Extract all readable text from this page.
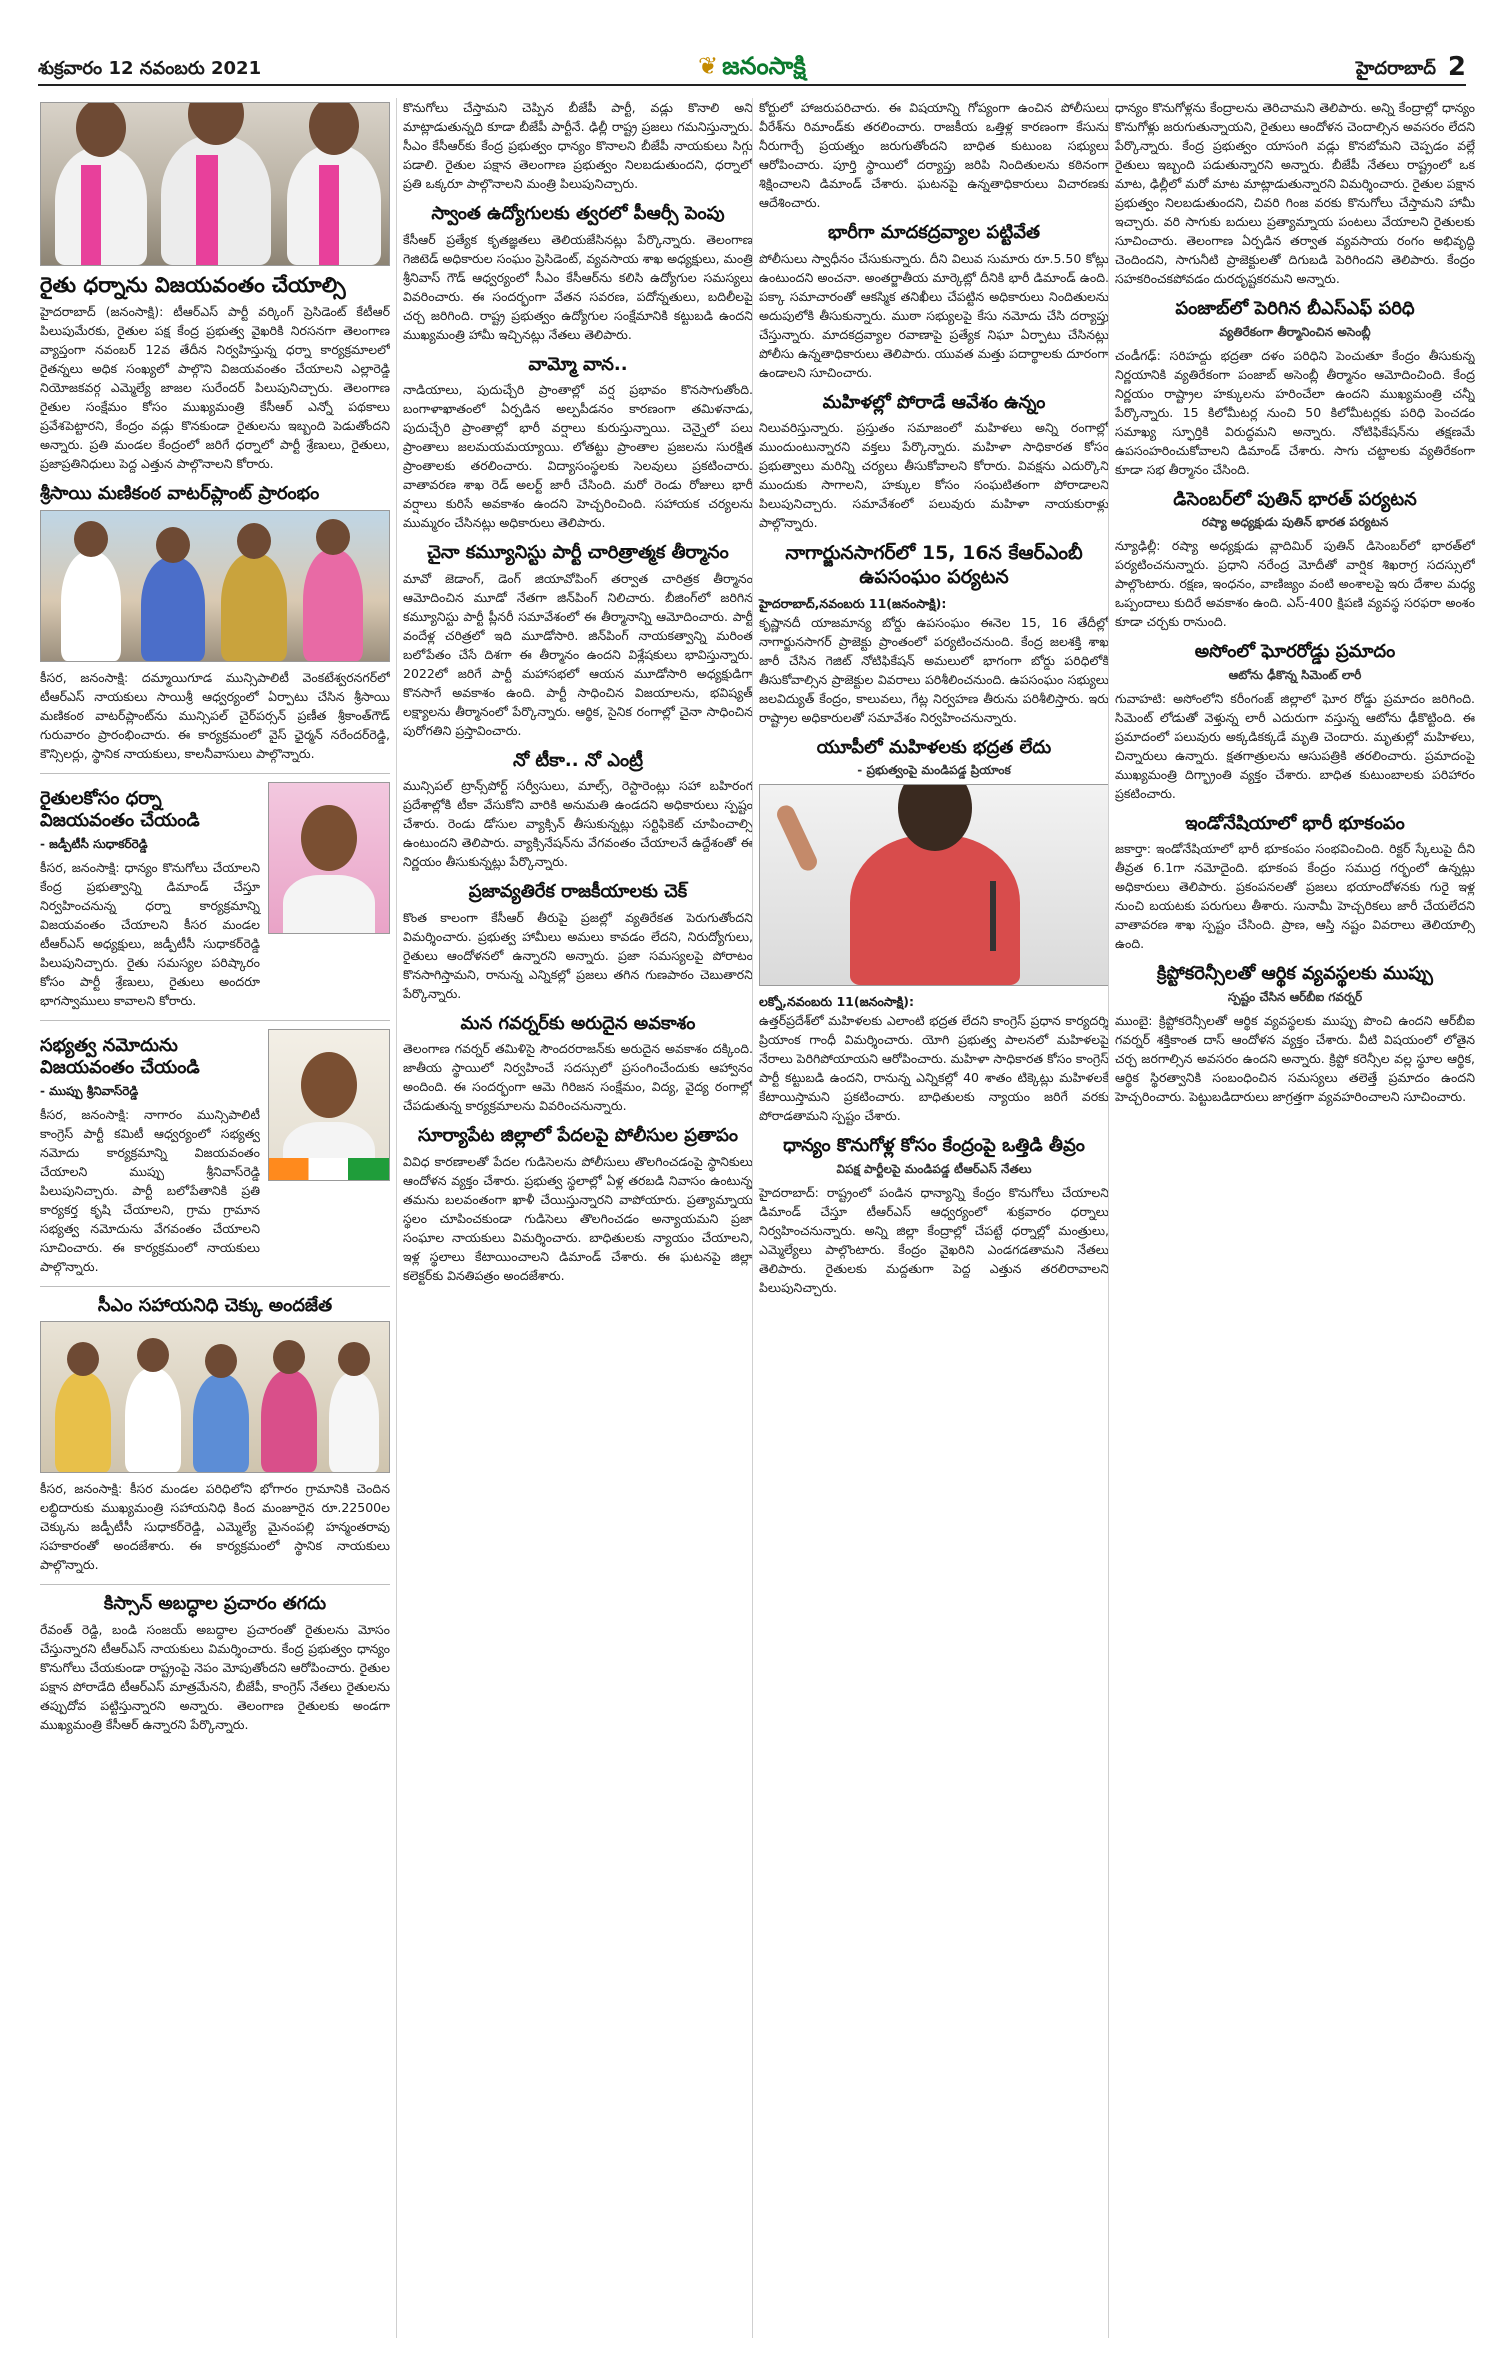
శుక్రవారం 12 నవంబరు 2021	❦ జనంసాక్షి	హైదరాబాద్ 2
రైతు ధర్నాను విజయవంతం చేయాల్సి

హైదరాబాద్ (జనంసాక్షి): టీఆర్ఎస్ పార్టీ వర్కింగ్ ప్రెసిడెంట్ కేటీఆర్ పిలుపుమేరకు, రైతుల పక్ష కేంద్ర ప్రభుత్వ వైఖరికి నిరసనగా తెలంగాణ వ్యాప్తంగా నవంబర్ 12వ తేదీన నిర్వహిస్తున్న ధర్నా కార్యక్రమాలలో రైతన్నలు అధిక సంఖ్యలో పాల్గొని విజయవంతం చేయాలని ఎల్లారెడ్డి నియోజకవర్గ ఎమ్మెల్యే జాజల సురేందర్ పిలుపునిచ్చారు. తెలంగాణ రైతుల సంక్షేమం కోసం ముఖ్యమంత్రి కేసీఆర్ ఎన్నో పథకాలు ప్రవేశపెట్టారని, కేంద్రం వడ్లు కొనకుండా రైతులను ఇబ్బంది పెడుతోందని అన్నారు. ప్రతి మండల కేంద్రంలో జరిగే ధర్నాలో పార్టీ శ్రేణులు, రైతులు, ప్రజాప్రతినిధులు పెద్ద ఎత్తున పాల్గొనాలని కోరారు.

శ్రీసాయి మణికంఠ వాటర్‌ప్లాంట్ ప్రారంభం

కీసర, జనంసాక్షి: దమ్మాయిగూడ మున్సిపాలిటీ వెంకటేశ్వరనగర్‌లో టీఆర్ఎస్ నాయకులు సాయిశ్రీ ఆధ్వర్యంలో ఏర్పాటు చేసిన శ్రీసాయి మణికంఠ వాటర్‌ప్లాంట్‌ను మున్సిపల్ చైర్‌పర్సన్ ప్రణీత శ్రీకాంత్‌గౌడ్ గురువారం ప్రారంభించారు. ఈ కార్యక్రమంలో వైస్ ఛైర్మన్ నరేందర్‌రెడ్డి, కౌన్సిలర్లు, స్థానిక నాయకులు, కాలనీవాసులు పాల్గొన్నారు.

రైతులకోసం ధర్నా విజయవంతం చేయండి
- జడ్పీటీసీ సుధాకర్‌రెడ్డి

కీసర, జనంసాక్షి: ధాన్యం కొనుగోలు చేయాలని కేంద్ర ప్రభుత్వాన్ని డిమాండ్ చేస్తూ నిర్వహించనున్న ధర్నా కార్యక్రమాన్ని విజయవంతం చేయాలని కీసర మండల టీఆర్ఎస్ అధ్యక్షులు, జడ్పీటీసీ సుధాకర్‌రెడ్డి పిలుపునిచ్చారు. రైతు సమస్యల పరిష్కారం కోసం పార్టీ శ్రేణులు, రైతులు అందరూ భాగస్వాములు కావాలని కోరారు.

సభ్యత్వ నమోదును విజయవంతం చేయండి
- ముప్పు శ్రీనివాస్‌రెడ్డి

కీసర, జనంసాక్షి: నాగారం మున్సిపాలిటీ కాంగ్రెస్ పార్టీ కమిటీ ఆధ్వర్యంలో సభ్యత్వ నమోదు కార్యక్రమాన్ని విజయవంతం చేయాలని ముప్పు శ్రీనివాస్‌రెడ్డి పిలుపునిచ్చారు. పార్టీ బలోపేతానికి ప్రతి కార్యకర్త కృషి చేయాలని, గ్రామ గ్రామాన సభ్యత్వ నమోదును వేగవంతం చేయాలని సూచించారు. ఈ కార్యక్రమంలో నాయకులు పాల్గొన్నారు.

సీఎం సహాయనిధి చెక్కు అందజేత

కీసర, జనంసాక్షి: కీసర మండల పరిధిలోని భోగారం గ్రామానికి చెందిన లబ్ధిదారుకు ముఖ్యమంత్రి సహాయనిధి కింద మంజూరైన రూ.22500ల చెక్కును జడ్పీటీసీ సుధాకర్‌రెడ్డి, ఎమ్మెల్యే మైనంపల్లి హన్మంతరావు సహకారంతో అందజేశారు. ఈ కార్యక్రమంలో స్థానిక నాయకులు పాల్గొన్నారు.

కిస్సాన్ అబద్ధాల ప్రచారం తగదు

రేవంత్ రెడ్డి, బండి సంజయ్ అబద్ధాల ప్రచారంతో రైతులను మోసం చేస్తున్నారని టీఆర్ఎస్ నాయకులు విమర్శించారు. కేంద్ర ప్రభుత్వం ధాన్యం కొనుగోలు చేయకుండా రాష్ట్రంపై నెపం మోపుతోందని ఆరోపించారు. రైతుల పక్షాన పోరాడేది టీఆర్ఎస్ మాత్రమేనని, బీజేపీ, కాంగ్రెస్ నేతలు రైతులను తప్పుదోవ పట్టిస్తున్నారని అన్నారు. తెలంగాణ రైతులకు అండగా ముఖ్యమంత్రి కేసీఆర్ ఉన్నారని పేర్కొన్నారు.

కొనుగోలు చేస్తామని చెప్పిన బీజేపీ పార్టీ, వడ్లు కొనాలి అని మాట్లాడుతున్నది కూడా బీజేపీ పార్టీనే. ఢిల్లీ రాష్ట్ర ప్రజలు గమనిస్తున్నారు. సీఎం కేసీఆర్‌కు కేంద్ర ప్రభుత్వం ధాన్యం కొనాలని బీజేపీ నాయకులు సిగ్గు పడాలి. రైతుల పక్షాన తెలంగాణ ప్రభుత్వం నిలబడుతుందని, ధర్నాలో ప్రతి ఒక్కరూ పాల్గొనాలని మంత్రి పిలుపునిచ్చారు.

స్వాంత ఉద్యోగులకు త్వరలో పీఆర్సీ పెంపు

కేసీఆర్ ప్రత్యేక కృతజ్ఞతలు తెలియజేసినట్లు పేర్కొన్నారు. తెలంగాణ గెజిటెడ్ అధికారుల సంఘం ప్రెసిడెంట్, వ్యవసాయ శాఖ అధ్యక్షులు, మంత్రి శ్రీనివాస్ గౌడ్ ఆధ్వర్యంలో సీఎం కేసీఆర్‌ను కలిసి ఉద్యోగుల సమస్యలు వివరించారు. ఈ సందర్భంగా వేతన సవరణ, పదోన్నతులు, బదిలీలపై చర్చ జరిగింది. రాష్ట్ర ప్రభుత్వం ఉద్యోగుల సంక్షేమానికి కట్టుబడి ఉందని ముఖ్యమంత్రి హామీ ఇచ్చినట్లు నేతలు తెలిపారు.

వామ్మో వాన..

నాడియాలు, పుదుచ్చేరి ప్రాంతాల్లో వర్ష ప్రభావం కొనసాగుతోంది. బంగాళాఖాతంలో ఏర్పడిన అల్పపీడనం కారణంగా తమిళనాడు, పుదుచ్చేరి ప్రాంతాల్లో భారీ వర్షాలు కురుస్తున్నాయి. చెన్నైలో పలు ప్రాంతాలు జలమయమయ్యాయి. లోతట్టు ప్రాంతాల ప్రజలను సురక్షిత ప్రాంతాలకు తరలించారు. విద్యాసంస్థలకు సెలవులు ప్రకటించారు. వాతావరణ శాఖ రెడ్ అలర్ట్ జారీ చేసింది. మరో రెండు రోజులు భారీ వర్షాలు కురిసే అవకాశం ఉందని హెచ్చరించింది. సహాయక చర్యలను ముమ్మరం చేసినట్లు అధికారులు తెలిపారు.

చైనా కమ్యూనిస్టు పార్టీ చారిత్రాత్మక తీర్మానం

మావో జెడాంగ్, డెంగ్ జియావోపింగ్ తర్వాత చారిత్రక తీర్మానం ఆమోదించిన మూడో నేతగా జిన్‌పింగ్ నిలిచారు. బీజింగ్‌లో జరిగిన కమ్యూనిస్టు పార్టీ ప్లీనరీ సమావేశంలో ఈ తీర్మానాన్ని ఆమోదించారు. పార్టీ వందేళ్ల చరిత్రలో ఇది మూడోసారి. జిన్‌పింగ్ నాయకత్వాన్ని మరింత బలోపేతం చేసే దిశగా ఈ తీర్మానం ఉందని విశ్లేషకులు భావిస్తున్నారు. 2022లో జరిగే పార్టీ మహాసభలో ఆయన మూడోసారి అధ్యక్షుడిగా కొనసాగే అవకాశం ఉంది. పార్టీ సాధించిన విజయాలను, భవిష్యత్ లక్ష్యాలను తీర్మానంలో పేర్కొన్నారు. ఆర్థిక, సైనిక రంగాల్లో చైనా సాధించిన పురోగతిని ప్రస్తావించారు.

నో టీకా.. నో ఎంట్రీ

మున్సిపల్ ట్రాన్స్‌పోర్ట్ సర్వీసులు, మాల్స్, రెస్టారెంట్లు సహా బహిరంగ ప్రదేశాల్లోకి టీకా వేసుకోని వారికి అనుమతి ఉండదని అధికారులు స్పష్టం చేశారు. రెండు డోసుల వ్యాక్సిన్ తీసుకున్నట్లు సర్టిఫికెట్ చూపించాల్సి ఉంటుందని తెలిపారు. వ్యాక్సినేషన్‌ను వేగవంతం చేయాలనే ఉద్దేశంతో ఈ నిర్ణయం తీసుకున్నట్లు పేర్కొన్నారు.

ప్రజావ్యతిరేక రాజకీయాలకు చెక్

కొంత కాలంగా కేసీఆర్ తీరుపై ప్రజల్లో వ్యతిరేకత పెరుగుతోందని విమర్శించారు. ప్రభుత్వ హామీలు అమలు కావడం లేదని, నిరుద్యోగులు, రైతులు ఆందోళనలో ఉన్నారని అన్నారు. ప్రజా సమస్యలపై పోరాటం కొనసాగిస్తామని, రానున్న ఎన్నికల్లో ప్రజలు తగిన గుణపాఠం చెబుతారని పేర్కొన్నారు.

మన గవర్నర్‌కు అరుదైన అవకాశం

తెలంగాణ గవర్నర్ తమిళిసై సౌందరరాజన్‌కు అరుదైన అవకాశం దక్కింది. జాతీయ స్థాయిలో నిర్వహించే సదస్సులో ప్రసంగించేందుకు ఆహ్వానం అందింది. ఈ సందర్భంగా ఆమె గిరిజన సంక్షేమం, విద్య, వైద్య రంగాల్లో చేపడుతున్న కార్యక్రమాలను వివరించనున్నారు.

సూర్యాపేట జిల్లాలో పేదలపై పోలీసుల ప్రతాపం

వివిధ కారణాలతో పేదల గుడిసెలను పోలీసులు తొలగించడంపై స్థానికులు ఆందోళన వ్యక్తం చేశారు. ప్రభుత్వ స్థలాల్లో ఏళ్ల తరబడి నివాసం ఉంటున్న తమను బలవంతంగా ఖాళీ చేయిస్తున్నారని వాపోయారు. ప్రత్యామ్నాయ స్థలం చూపించకుండా గుడిసెలు తొలగించడం అన్యాయమని ప్రజా సంఘాల నాయకులు విమర్శించారు. బాధితులకు న్యాయం చేయాలని, ఇళ్ల స్థలాలు కేటాయించాలని డిమాండ్ చేశారు. ఈ ఘటనపై జిల్లా కలెక్టర్‌కు వినతిపత్రం అందజేశారు.

కోర్టులో హాజరుపరిచారు. ఈ విషయాన్ని గోప్యంగా ఉంచిన పోలీసులు వీరేశ్‌ను రిమాండ్‌కు తరలించారు. రాజకీయ ఒత్తిళ్ల కారణంగా కేసును నీరుగార్చే ప్రయత్నం జరుగుతోందని బాధిత కుటుంబ సభ్యులు ఆరోపించారు. పూర్తి స్థాయిలో దర్యాప్తు జరిపి నిందితులను కఠినంగా శిక్షించాలని డిమాండ్ చేశారు. ఘటనపై ఉన్నతాధికారులు విచారణకు ఆదేశించారు.

భారీగా మాదకద్రవ్యాల పట్టివేత

పోలీసులు స్వాధీనం చేసుకున్నారు. దీని విలువ సుమారు రూ.5.50 కోట్లు ఉంటుందని అంచనా. అంతర్జాతీయ మార్కెట్లో దీనికి భారీ డిమాండ్ ఉంది. పక్కా సమాచారంతో ఆకస్మిక తనిఖీలు చేపట్టిన అధికారులు నిందితులను అదుపులోకి తీసుకున్నారు. ముఠా సభ్యులపై కేసు నమోదు చేసి దర్యాప్తు చేస్తున్నారు. మాదకద్రవ్యాల రవాణాపై ప్రత్యేక నిఘా ఏర్పాటు చేసినట్లు పోలీసు ఉన్నతాధికారులు తెలిపారు. యువత మత్తు పదార్థాలకు దూరంగా ఉండాలని సూచించారు.

మహిళల్లో పోరాడే ఆవేశం ఉన్నం

నిలువరిస్తున్నారు. ప్రస్తుతం సమాజంలో మహిళలు అన్ని రంగాల్లో ముందుంటున్నారని వక్తలు పేర్కొన్నారు. మహిళా సాధికారత కోసం ప్రభుత్వాలు మరిన్ని చర్యలు తీసుకోవాలని కోరారు. వివక్షను ఎదుర్కొని ముందుకు సాగాలని, హక్కుల కోసం సంఘటితంగా పోరాడాలని పిలుపునిచ్చారు. సమావేశంలో పలువురు మహిళా నాయకురాళ్లు పాల్గొన్నారు.

నాగార్జునసాగర్‌లో 15, 16న కేఆర్ఎంబీ ఉపసంఘం పర్యటన

హైదరాబాద్,నవంబరు 11(జనంసాక్షి):

కృష్ణానదీ యాజమాన్య బోర్డు ఉపసంఘం ఈనెల 15, 16 తేదీల్లో నాగార్జునసాగర్ ప్రాజెక్టు ప్రాంతంలో పర్యటించనుంది. కేంద్ర జలశక్తి శాఖ జారీ చేసిన గెజిట్ నోటిఫికేషన్ అమలులో భాగంగా బోర్డు పరిధిలోకి తీసుకోవాల్సిన ప్రాజెక్టుల వివరాలు పరిశీలించనుంది. ఉపసంఘం సభ్యులు జలవిద్యుత్ కేంద్రం, కాలువలు, గేట్ల నిర్వహణ తీరును పరిశీలిస్తారు. ఇరు రాష్ట్రాల అధికారులతో సమావేశం నిర్వహించనున్నారు.

యూపీలో మహిళలకు భద్రత లేదు
- ప్రభుత్వంపై మండిపడ్డ ప్రియాంక

లక్నో,నవంబరు 11(జనంసాక్షి):

ఉత్తర్‌ప్రదేశ్‌లో మహిళలకు ఎలాంటి భద్రత లేదని కాంగ్రెస్ ప్రధాన కార్యదర్శి ప్రియాంక గాంధీ విమర్శించారు. యోగి ప్రభుత్వ పాలనలో మహిళలపై నేరాలు పెరిగిపోయాయని ఆరోపించారు. మహిళా సాధికారత కోసం కాంగ్రెస్ పార్టీ కట్టుబడి ఉందని, రానున్న ఎన్నికల్లో 40 శాతం టిక్కెట్లు మహిళలకే కేటాయిస్తామని ప్రకటించారు. బాధితులకు న్యాయం జరిగే వరకు పోరాడతామని స్పష్టం చేశారు.

ధాన్యం కొనుగోళ్ల కోసం కేంద్రంపై ఒత్తిడి తీవ్రం
విపక్ష పార్టీలపై మండిపడ్డ టీఆర్ఎస్ నేతలు

హైదరాబాద్: రాష్ట్రంలో పండిన ధాన్యాన్ని కేంద్రం కొనుగోలు చేయాలని డిమాండ్ చేస్తూ టీఆర్ఎస్ ఆధ్వర్యంలో శుక్రవారం ధర్నాలు నిర్వహించనున్నారు. అన్ని జిల్లా కేంద్రాల్లో చేపట్టే ధర్నాల్లో మంత్రులు, ఎమ్మెల్యేలు పాల్గొంటారు. కేంద్రం వైఖరిని ఎండగడతామని నేతలు తెలిపారు. రైతులకు మద్దతుగా పెద్ద ఎత్తున తరలిరావాలని పిలుపునిచ్చారు.

ధాన్యం కొనుగోళ్లను కేంద్రాలను తెరిచామని తెలిపారు. అన్ని కేంద్రాల్లో ధాన్యం కొనుగోళ్లు జరుగుతున్నాయని, రైతులు ఆందోళన చెందాల్సిన అవసరం లేదని పేర్కొన్నారు. కేంద్ర ప్రభుత్వం యాసంగి వడ్లు కొనబోమని చెప్పడం వల్లే రైతులు ఇబ్బంది పడుతున్నారని అన్నారు. బీజేపీ నేతలు రాష్ట్రంలో ఒక మాట, ఢిల్లీలో మరో మాట మాట్లాడుతున్నారని విమర్శించారు. రైతుల పక్షాన ప్రభుత్వం నిలబడుతుందని, చివరి గింజ వరకు కొనుగోలు చేస్తామని హామీ ఇచ్చారు. వరి సాగుకు బదులు ప్రత్యామ్నాయ పంటలు వేయాలని రైతులకు సూచించారు. తెలంగాణ ఏర్పడిన తర్వాత వ్యవసాయ రంగం అభివృద్ధి చెందిందని, సాగునీటి ప్రాజెక్టులతో దిగుబడి పెరిగిందని తెలిపారు. కేంద్రం సహకరించకపోవడం దురదృష్టకరమని అన్నారు.

పంజాబ్‌లో పెరిగిన బీఎస్ఎఫ్ పరిధి
వ్యతిరేకంగా తీర్మానించిన అసెంబ్లీ

చండీగఢ్: సరిహద్దు భద్రతా దళం పరిధిని పెంచుతూ కేంద్రం తీసుకున్న నిర్ణయానికి వ్యతిరేకంగా పంజాబ్ అసెంబ్లీ తీర్మానం ఆమోదించింది. కేంద్ర నిర్ణయం రాష్ట్రాల హక్కులను హరించేలా ఉందని ముఖ్యమంత్రి చన్నీ పేర్కొన్నారు. 15 కిలోమీటర్ల నుంచి 50 కిలోమీటర్లకు పరిధి పెంచడం సమాఖ్య స్ఫూర్తికి విరుద్ధమని అన్నారు. నోటిఫికేషన్‌ను తక్షణమే ఉపసంహరించుకోవాలని డిమాండ్ చేశారు. సాగు చట్టాలకు వ్యతిరేకంగా కూడా సభ తీర్మానం చేసింది.

డిసెంబర్‌లో పుతిన్ భారత్ పర్యటన
రష్యా అధ్యక్షుడు పుతిన్ భారత పర్యటన

న్యూఢిల్లీ: రష్యా అధ్యక్షుడు వ్లాదిమిర్ పుతిన్ డిసెంబర్‌లో భారత్‌లో పర్యటించనున్నారు. ప్రధాని నరేంద్ర మోదీతో వార్షిక శిఖరాగ్ర సదస్సులో పాల్గొంటారు. రక్షణ, ఇంధనం, వాణిజ్యం వంటి అంశాలపై ఇరు దేశాల మధ్య ఒప్పందాలు కుదిరే అవకాశం ఉంది. ఎస్-400 క్షిపణి వ్యవస్థ సరఫరా అంశం కూడా చర్చకు రానుంది.

అసోంలో ఘోరరోడ్డు ప్రమాదం
ఆటోను ఢీకొన్న సిమెంట్ లారీ

గువాహటి: అసోంలోని కరీంగంజ్ జిల్లాలో ఘోర రోడ్డు ప్రమాదం జరిగింది. సిమెంట్ లోడుతో వెళ్తున్న లారీ ఎదురుగా వస్తున్న ఆటోను ఢీకొట్టింది. ఈ ప్రమాదంలో పలువురు అక్కడికక్కడే మృతి చెందారు. మృతుల్లో మహిళలు, చిన్నారులు ఉన్నారు. క్షతగాత్రులను ఆసుపత్రికి తరలించారు. ప్రమాదంపై ముఖ్యమంత్రి దిగ్భ్రాంతి వ్యక్తం చేశారు. బాధిత కుటుంబాలకు పరిహారం ప్రకటించారు.

ఇండోనేషియాలో భారీ భూకంపం

జకార్తా: ఇండోనేషియాలో భారీ భూకంపం సంభవించింది. రిక్టర్ స్కేలుపై దీని తీవ్రత 6.1గా నమోదైంది. భూకంప కేంద్రం సముద్ర గర్భంలో ఉన్నట్లు అధికారులు తెలిపారు. ప్రకంపనలతో ప్రజలు భయాందోళనకు గురై ఇళ్ల నుంచి బయటకు పరుగులు తీశారు. సునామీ హెచ్చరికలు జారీ చేయలేదని వాతావరణ శాఖ స్పష్టం చేసింది. ప్రాణ, ఆస్తి నష్టం వివరాలు తెలియాల్సి ఉంది.

క్రిప్టోకరెన్సీలతో ఆర్థిక వ్యవస్థలకు ముప్పు
స్పష్టం చేసిన ఆర్‌బీఐ గవర్నర్

ముంబై: క్రిప్టోకరెన్సీలతో ఆర్థిక వ్యవస్థలకు ముప్పు పొంచి ఉందని ఆర్‌బీఐ గవర్నర్ శక్తికాంత దాస్ ఆందోళన వ్యక్తం చేశారు. వీటి విషయంలో లోతైన చర్చ జరగాల్సిన అవసరం ఉందని అన్నారు. క్రిప్టో కరెన్సీల వల్ల స్థూల ఆర్థిక, ఆర్థిక స్థిరత్వానికి సంబంధించిన సమస్యలు తలెత్తే ప్రమాదం ఉందని హెచ్చరించారు. పెట్టుబడిదారులు జాగ్రత్తగా వ్యవహరించాలని సూచించారు.
